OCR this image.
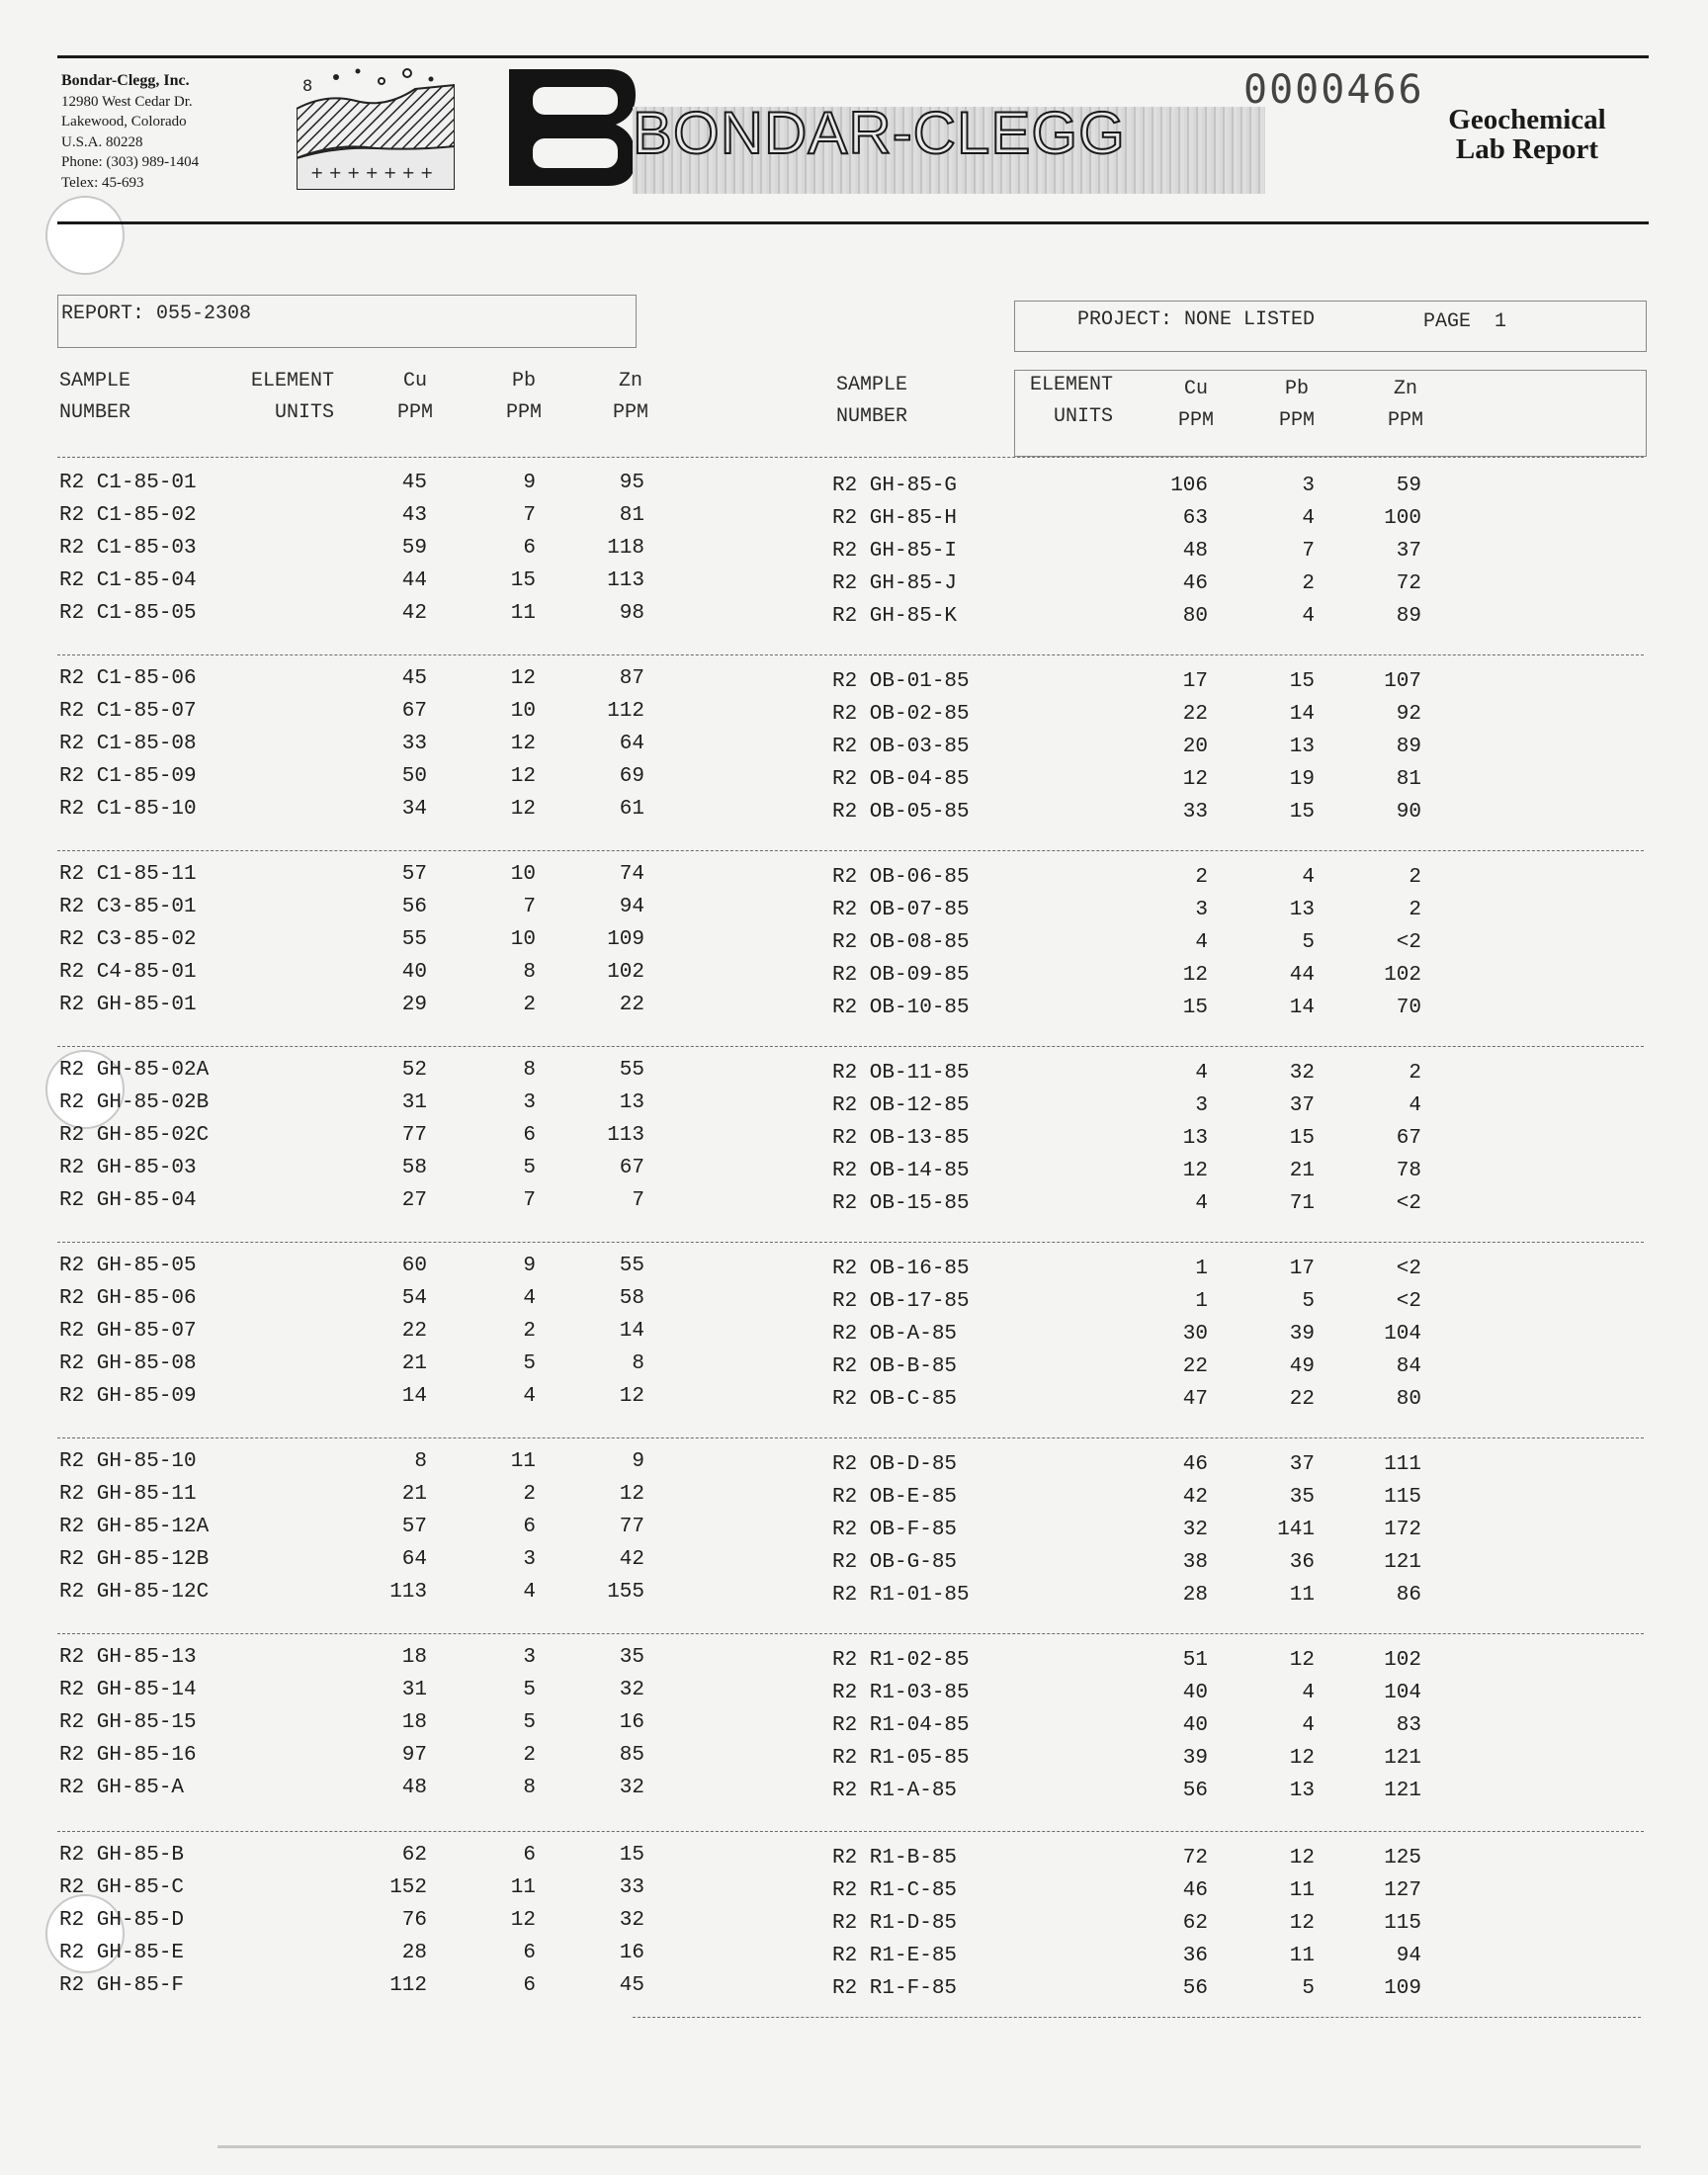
Bondar-Clegg, Inc.
12980 West Cedar Dr.
Lakewood, Colorado
U.S.A. 80228
Phone: (303) 989-1404
Telex: 45-693
8
+ + + + + + +
BONDAR-CLEGG
0000466
Geochemical
Lab Report
REPORT: 055-2308	PROJECT: NONE LISTED	PAGE  1
SAMPLE
NUMBER
ELEMENT
UNITS
Cu
PPM
Pb
PPM
Zn
PPM
SAMPLE
NUMBER
ELEMENT
UNITS
Cu
PPM
Pb
PPM
Zn
PPM
R2 C1-85-01	45	9	95	R2 GH-85-G	106	3	59
R2 C1-85-02	43	7	81	R2 GH-85-H	63	4	100
R2 C1-85-03	59	6	118	R2 GH-85-I	48	7	37
R2 C1-85-04	44	15	113	R2 GH-85-J	46	2	72
R2 C1-85-05	42	11	98	R2 GH-85-K	80	4	89
R2 C1-85-06	45	12	87	R2 OB-01-85	17	15	107
R2 C1-85-07	67	10	112	R2 OB-02-85	22	14	92
R2 C1-85-08	33	12	64	R2 OB-03-85	20	13	89
R2 C1-85-09	50	12	69	R2 OB-04-85	12	19	81
R2 C1-85-10	34	12	61	R2 OB-05-85	33	15	90
R2 C1-85-11	57	10	74	R2 OB-06-85	2	4	2
R2 C3-85-01	56	7	94	R2 OB-07-85	3	13	2
R2 C3-85-02	55	10	109	R2 OB-08-85	4	5	<2
R2 C4-85-01	40	8	102	R2 OB-09-85	12	44	102
R2 GH-85-01	29	2	22	R2 OB-10-85	15	14	70
R2 GH-85-02A	52	8	55	R2 OB-11-85	4	32	2
R2 GH-85-02B	31	3	13	R2 OB-12-85	3	37	4
R2 GH-85-02C	77	6	113	R2 OB-13-85	13	15	67
R2 GH-85-03	58	5	67	R2 OB-14-85	12	21	78
R2 GH-85-04	27	7	7	R2 OB-15-85	4	71	<2
R2 GH-85-05	60	9	55	R2 OB-16-85	1	17	<2
R2 GH-85-06	54	4	58	R2 OB-17-85	1	5	<2
R2 GH-85-07	22	2	14	R2 OB-A-85	30	39	104
R2 GH-85-08	21	5	8	R2 OB-B-85	22	49	84
R2 GH-85-09	14	4	12	R2 OB-C-85	47	22	80
R2 GH-85-10	8	11	9	R2 OB-D-85	46	37	111
R2 GH-85-11	21	2	12	R2 OB-E-85	42	35	115
R2 GH-85-12A	57	6	77	R2 OB-F-85	32	141	172
R2 GH-85-12B	64	3	42	R2 OB-G-85	38	36	121
R2 GH-85-12C	113	4	155	R2 R1-01-85	28	11	86
R2 GH-85-13	18	3	35	R2 R1-02-85	51	12	102
R2 GH-85-14	31	5	32	R2 R1-03-85	40	4	104
R2 GH-85-15	18	5	16	R2 R1-04-85	40	4	83
R2 GH-85-16	97	2	85	R2 R1-05-85	39	12	121
R2 GH-85-A	48	8	32	R2 R1-A-85	56	13	121
R2 GH-85-B	62	6	15	R2 R1-B-85	72	12	125
R2 GH-85-C	152	11	33	R2 R1-C-85	46	11	127
R2 GH-85-D	76	12	32	R2 R1-D-85	62	12	115
R2 GH-85-E	28	6	16	R2 R1-E-85	36	11	94
R2 GH-85-F	112	6	45	R2 R1-F-85	56	5	109
